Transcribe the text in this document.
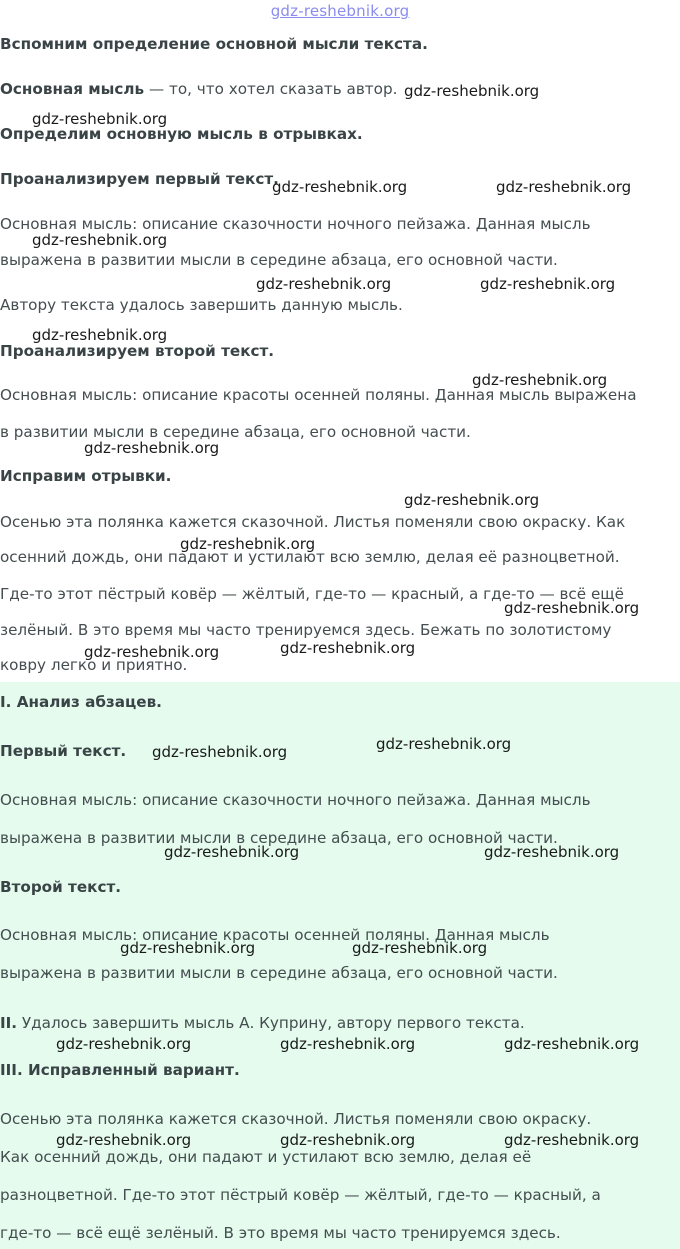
gdz-reshebnik.org
Вспомним определение основной мысли текста.
Основная мысль — то, что хотел сказать автор.
Определим основную мысль в отрывках.
Проанализируем первый текст.
Основная мысль: описание сказочности ночного пейзажа. Данная мысль
выражена в развитии мысли в середине абзаца, его основной части.
Автору текста удалось завершить данную мысль.
Проанализируем второй текст.
Основная мысль: описание красоты осенней поляны. Данная мысль выражена
в развитии мысли в середине абзаца, его основной части.
Исправим отрывки.
Осенью эта полянка кажется сказочной. Листья поменяли свою окраску. Как
осенний дождь, они падают и устилают всю землю, делая её разноцветной.
Где-то этот пёстрый ковёр — жёлтый, где-то — красный, а где-то — всё ещё
зелёный. В это время мы часто тренируемся здесь. Бежать по золотистому
ковру легко и приятно.
I. Анализ абзацев.
Первый текст.
Основная мысль: описание сказочности ночного пейзажа. Данная мысль
выражена в развитии мысли в середине абзаца, его основной части.
Второй текст.
Основная мысль: описание красоты осенней поляны. Данная мысль
выражена в развитии мысли в середине абзаца, его основной части.
II. Удалось завершить мысль А. Куприну, автору первого текста.
III. Исправленный вариант.
Осенью эта полянка кажется сказочной. Листья поменяли свою окраску.
Как осенний дождь, они падают и устилают всю землю, делая её
разноцветной. Где-то этот пёстрый ковёр — жёлтый, где-то — красный, а
где-то — всё ещё зелёный. В это время мы часто тренируемся здесь.
gdz-reshebnik.org
gdz-reshebnik.org
gdz-reshebnik.org	gdz-reshebnik.org
gdz-reshebnik.org
gdz-reshebnik.org	gdz-reshebnik.org
gdz-reshebnik.org
gdz-reshebnik.org
gdz-reshebnik.org
gdz-reshebnik.org
gdz-reshebnik.org
gdz-reshebnik.org
gdz-reshebnik.org	gdz-reshebnik.org
gdz-reshebnik.org
gdz-reshebnik.org
gdz-reshebnik.org	gdz-reshebnik.org
gdz-reshebnik.org	gdz-reshebnik.org
gdz-reshebnik.org	gdz-reshebnik.org	gdz-reshebnik.org
gdz-reshebnik.org	gdz-reshebnik.org	gdz-reshebnik.org
